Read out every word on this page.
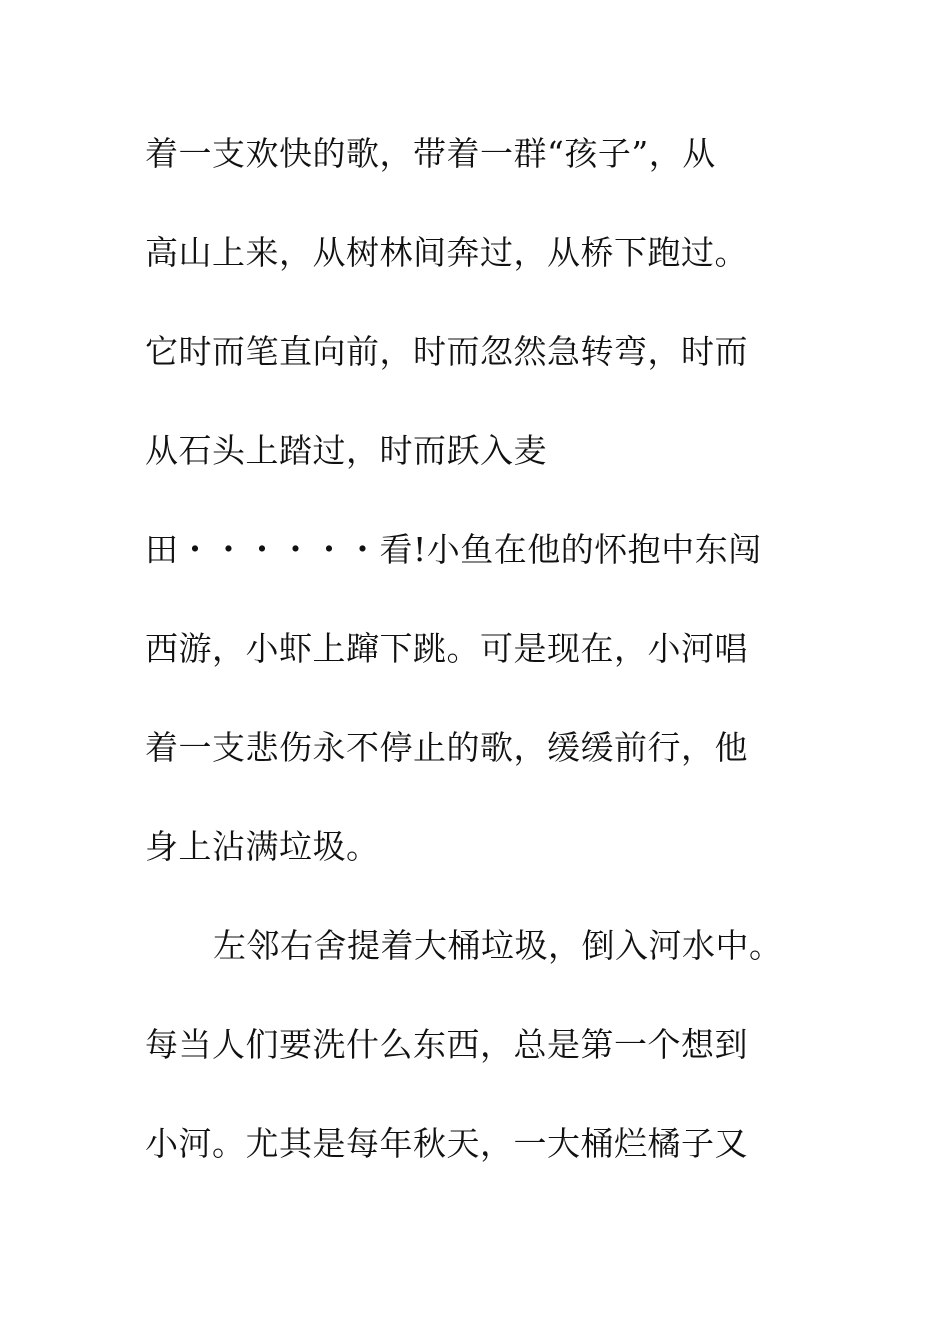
着一支欢快的歌，带着一群“孩子”，从
高山上来，从树林间奔过，从桥下跑过。
它时而笔直向前，时而忽然急转弯，时而
从石头上踏过，时而跃入麦
田・・・・・・看!小鱼在他的怀抱中东闯
西游，小虾上蹿下跳。可是现在，小河唱
着一支悲伤永不停止的歌，缓缓前行，他
身上沾满垃圾。
左邻右舍提着大桶垃圾，倒入河水中。
每当人们要洗什么东西，总是第一个想到
小河。尤其是每年秋天，一大桶烂橘子又
